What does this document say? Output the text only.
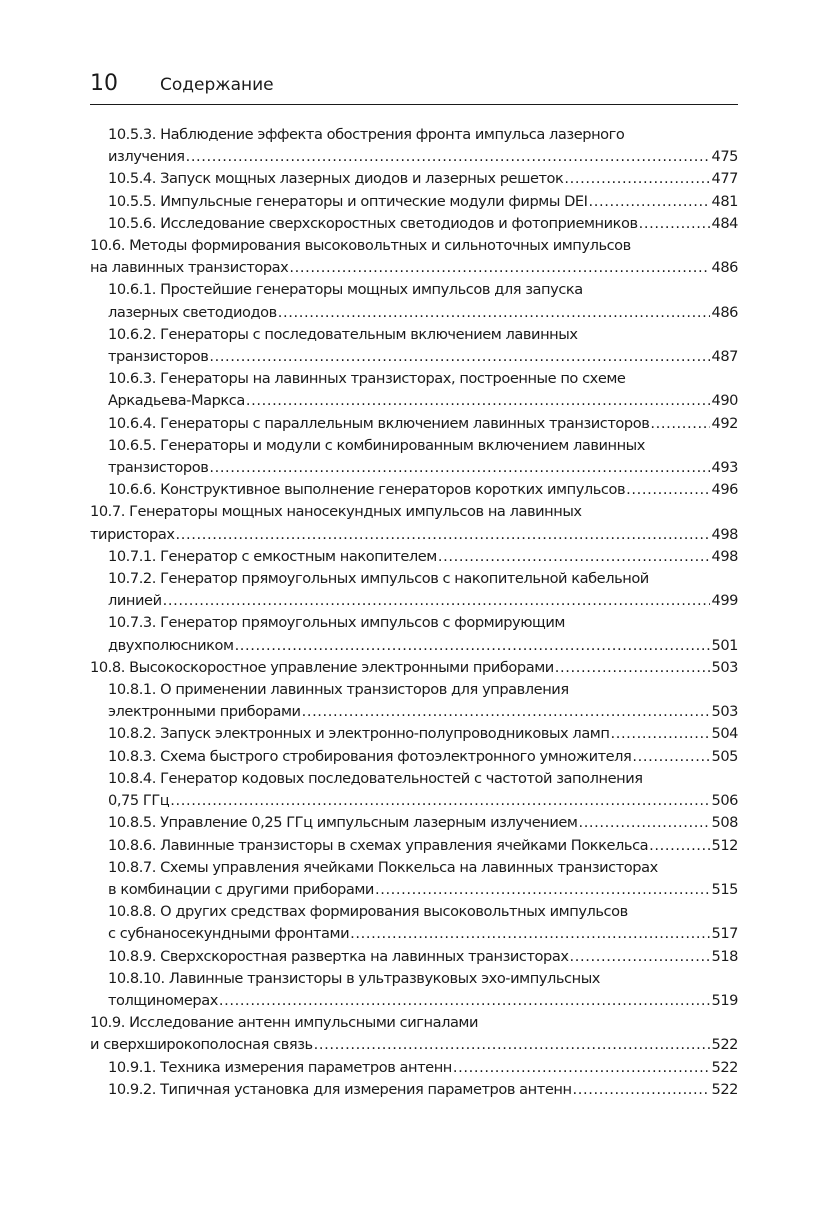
10 Содержание
10.5.3. Наблюдение эффекта обострения фронта импульса лазерного
излучения .....	475
10.5.4. Запуск мощных лазерных диодов и лазерных решеток .....	477
10.5.5. Импульсные генераторы и оптические модули фирмы DEI .....	481
10.5.6. Исследование сверхскоростных светодиодов и фотоприемников .....	484
10.6. Методы формирования высоковольтных и сильноточных импульсов
на лавинных транзисторах .....	486
10.6.1. Простейшие генераторы мощных импульсов для запуска
лазерных светодиодов .....	486
10.6.2. Генераторы с последовательным включением лавинных
транзисторов .....	487
10.6.3. Генераторы на лавинных транзисторах, построенные по схеме
Аркадьева-Маркса .....	490
10.6.4. Генераторы с параллельным включением лавинных транзисторов .....	492
10.6.5. Генераторы и модули с комбинированным включением лавинных
транзисторов .....	493
10.6.6. Конструктивное выполнение генераторов коротких импульсов .....	496
10.7. Генераторы мощных наносекундных импульсов на лавинных
тиристорах .....	498
10.7.1. Генератор с емкостным накопителем .....	498
10.7.2. Генератор прямоугольных импульсов с накопительной кабельной
линией .....	499
10.7.3. Генератор прямоугольных импульсов с формирующим
двухполюсником .....	501
10.8. Высокоскоростное управление электронными приборами .....	503
10.8.1. О применении лавинных транзисторов для управления
электронными приборами .....	503
10.8.2. Запуск электронных и электронно-полупроводниковых ламп .....	504
10.8.3. Схема быстрого стробирования фотоэлектронного умножителя .....	505
10.8.4. Генератор кодовых последовательностей с частотой заполнения
0,75 ГГц .....	506
10.8.5. Управление 0,25 ГГц импульсным лазерным излучением .....	508
10.8.6. Лавинные транзисторы в схемах управления ячейками Поккельса .....	512
10.8.7. Схемы управления ячейками Поккельса на лавинных транзисторах
в комбинации с другими приборами .....	515
10.8.8. О других средствах формирования высоковольтных импульсов
с субнаносекундными фронтами .....	517
10.8.9. Сверхскоростная развертка на лавинных транзисторах .....	518
10.8.10. Лавинные транзисторы в ультразвуковых эхо-импульсных
толщиномерах .....	519
10.9. Исследование антенн импульсными сигналами
и сверхширокополосная связь .....	522
10.9.1. Техника измерения параметров антенн .....	522
10.9.2. Типичная установка для измерения параметров антенн .....	522
